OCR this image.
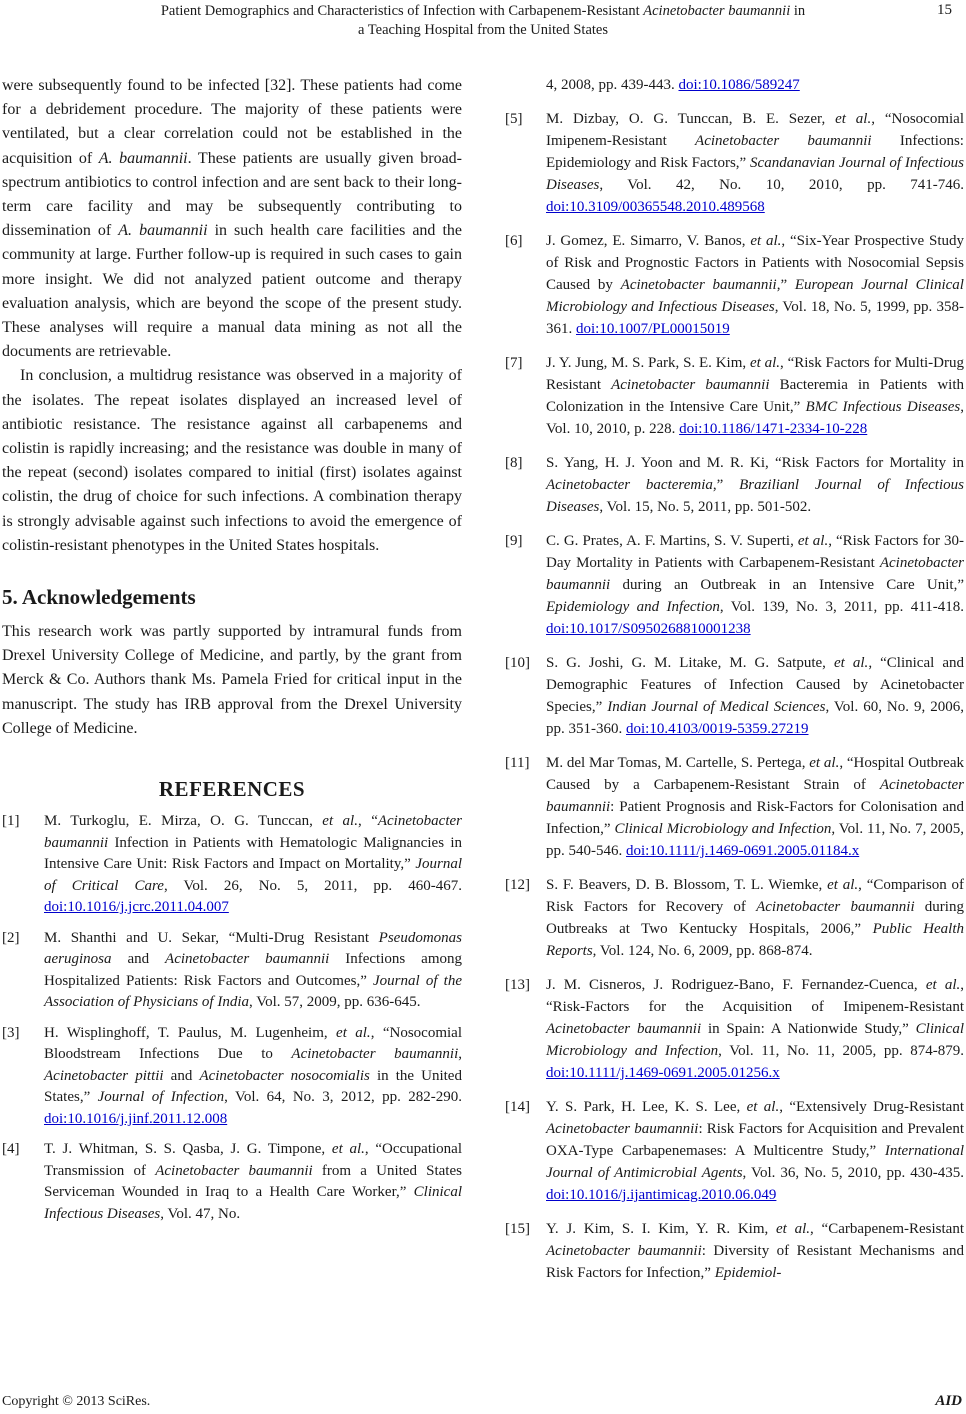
Patient Demographics and Characteristics of Infection with Carbapenem-Resistant Acinetobacter baumannii in
a Teaching Hospital from the United States
15

were subsequently found to be infected [32]. These patients had come for a debridement procedure. The majority of these patients were ventilated, but a clear correlation could not be established in the acquisition of A. baumannii. These patients are usually given broad-spectrum antibiotics to control infection and are sent back to their long-term care facility and may be subsequently contributing to dissemination of A. baumannii in such health care facilities and the community at large. Further follow-up is required in such cases to gain more insight. We did not analyzed patient outcome and therapy evaluation analysis, which are beyond the scope of the present study. These analyses will require a manual data mining as not all the documents are retrievable.

In conclusion, a multidrug resistance was observed in a majority of the isolates. The repeat isolates displayed an increased level of antibiotic resistance. The resistance against all carbapenems and colistin is rapidly increasing; and the resistance was double in many of the repeat (second) isolates compared to initial (first) isolates against colistin, the drug of choice for such infections. A combination therapy is strongly advisable against such infections to avoid the emergence of colistin-resistant phenotypes in the United States hospitals.

5. Acknowledgements

This research work was partly supported by intramural funds from Drexel University College of Medicine, and partly, by the grant from Merck & Co. Authors thank Ms. Pamela Fried for critical input in the manuscript. The study has IRB approval from the Drexel University College of Medicine.

REFERENCES
[1]	M. Turkoglu, E. Mirza, O. G. Tunccan, et al., “Acinetobacter baumannii Infection in Patients with Hematologic Malignancies in Intensive Care Unit: Risk Factors and Impact on Mortality,” Journal of Critical Care, Vol. 26, No. 5, 2011, pp. 460-467. doi:10.1016/j.jcrc.2011.04.007
[2]	M. Shanthi and U. Sekar, “Multi-Drug Resistant Pseudomonas aeruginosa and Acinetobacter baumannii Infections among Hospitalized Patients: Risk Factors and Outcomes,” Journal of the Association of Physicians of India, Vol. 57, 2009, pp. 636-645.
[3]	H. Wisplinghoff, T. Paulus, M. Lugenheim, et al., “Nosocomial Bloodstream Infections Due to Acinetobacter baumannii, Acinetobacter pittii and Acinetobacter nosocomialis in the United States,” Journal of Infection, Vol. 64, No. 3, 2012, pp. 282-290. doi:10.1016/j.jinf.2011.12.008
[4]	T. J. Whitman, S. S. Qasba, J. G. Timpone, et al., “Occupational Transmission of Acinetobacter baumannii from a United States Serviceman Wounded in Iraq to a Health Care Worker,” Clinical Infectious Diseases, Vol. 47, No.
4, 2008, pp. 439-443. doi:10.1086/589247
[5]	M. Dizbay, O. G. Tunccan, B. E. Sezer, et al., “Nosocomial Imipenem-Resistant Acinetobacter baumannii Infections: Epidemiology and Risk Factors,” Scandanavian Journal of Infectious Diseases, Vol. 42, No. 10, 2010, pp. 741-746. doi:10.3109/00365548.2010.489568
[6]	J. Gomez, E. Simarro, V. Banos, et al., “Six-Year Prospective Study of Risk and Prognostic Factors in Patients with Nosocomial Sepsis Caused by Acinetobacter baumannii,” European Journal Clinical Microbiology and Infectious Diseases, Vol. 18, No. 5, 1999, pp. 358-361. doi:10.1007/PL00015019
[7]	J. Y. Jung, M. S. Park, S. E. Kim, et al., “Risk Factors for Multi-Drug Resistant Acinetobacter baumannii Bacteremia in Patients with Colonization in the Intensive Care Unit,” BMC Infectious Diseases, Vol. 10, 2010, p. 228. doi:10.1186/1471-2334-10-228
[8]	S. Yang, H. J. Yoon and M. R. Ki, “Risk Factors for Mortality in Acinetobacter bacteremia,” Brazilianl Journal of Infectious Diseases, Vol. 15, No. 5, 2011, pp. 501-502.
[9]	C. G. Prates, A. F. Martins, S. V. Superti, et al., “Risk Factors for 30-Day Mortality in Patients with Carbapenem-Resistant Acinetobacter baumannii during an Outbreak in an Intensive Care Unit,” Epidemiology and Infection, Vol. 139, No. 3, 2011, pp. 411-418. doi:10.1017/S0950268810001238
[10]	S. G. Joshi, G. M. Litake, M. G. Satpute, et al., “Clinical and Demographic Features of Infection Caused by Acinetobacter Species,” Indian Journal of Medical Sciences, Vol. 60, No. 9, 2006, pp. 351-360. doi:10.4103/0019-5359.27219
[11]	M. del Mar Tomas, M. Cartelle, S. Pertega, et al., “Hospital Outbreak Caused by a Carbapenem-Resistant Strain of Acinetobacter baumannii: Patient Prognosis and Risk-Factors for Colonisation and Infection,” Clinical Microbiology and Infection, Vol. 11, No. 7, 2005, pp. 540-546. doi:10.1111/j.1469-0691.2005.01184.x
[12]	S. F. Beavers, D. B. Blossom, T. L. Wiemke, et al., “Comparison of Risk Factors for Recovery of Acinetobacter baumannii during Outbreaks at Two Kentucky Hospitals, 2006,” Public Health Reports, Vol. 124, No. 6, 2009, pp. 868-874.
[13]	J. M. Cisneros, J. Rodriguez-Bano, F. Fernandez-Cuenca, et al., “Risk-Factors for the Acquisition of Imipenem-Resistant Acinetobacter baumannii in Spain: A Nationwide Study,” Clinical Microbiology and Infection, Vol. 11, No. 11, 2005, pp. 874-879. doi:10.1111/j.1469-0691.2005.01256.x
[14]	Y. S. Park, H. Lee, K. S. Lee, et al., “Extensively Drug-Resistant Acinetobacter baumannii: Risk Factors for Acquisition and Prevalent OXA-Type Carbapenemases: A Multicentre Study,” International Journal of Antimicrobial Agents, Vol. 36, No. 5, 2010, pp. 430-435. doi:10.1016/j.ijantimicag.2010.06.049
[15]	Y. J. Kim, S. I. Kim, Y. R. Kim, et al., “Carbapenem-Resistant Acinetobacter baumannii: Diversity of Resistant Mechanisms and Risk Factors for Infection,” Epidemiol-
Copyright © 2013 SciRes.	AID
